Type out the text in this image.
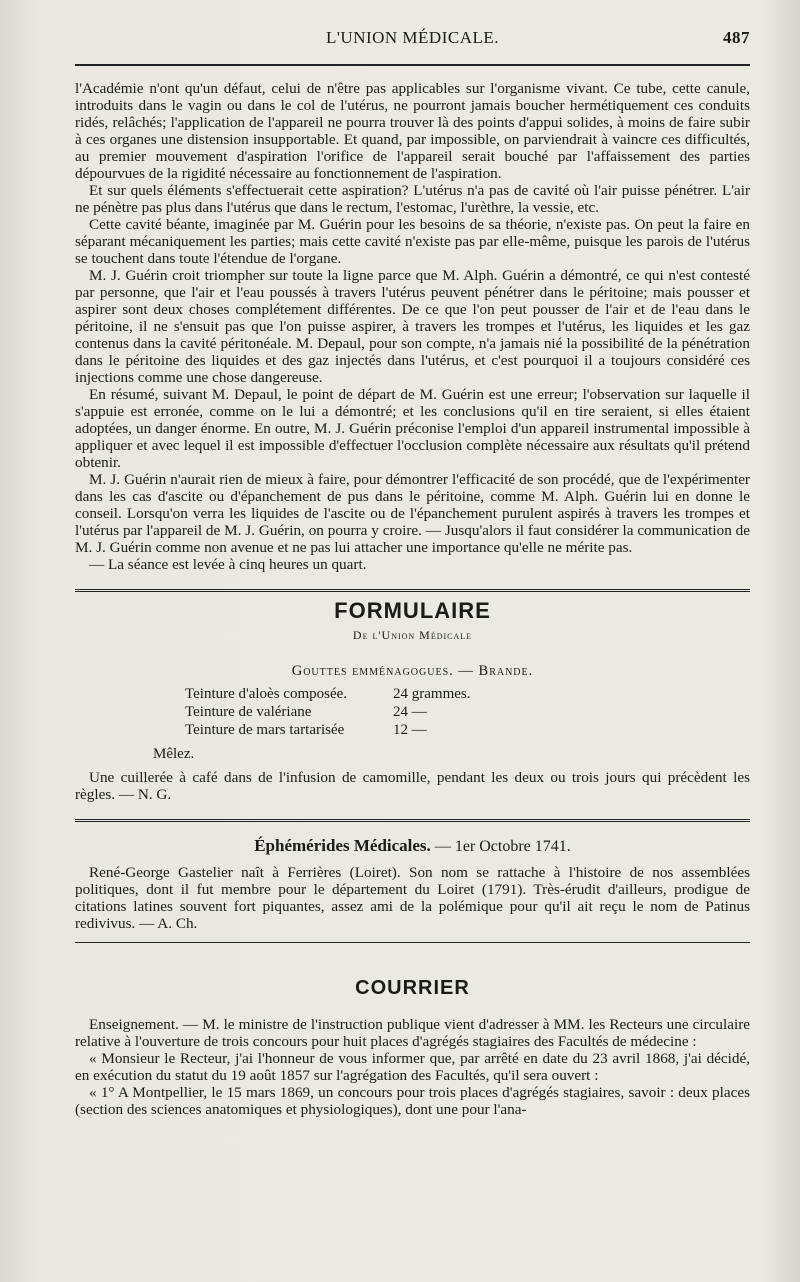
L'UNION MÉDICALE.	487

l'Académie n'ont qu'un défaut, celui de n'être pas applicables sur l'organisme vivant. Ce tube, cette canule, introduits dans le vagin ou dans le col de l'utérus, ne pourront jamais boucher hermétiquement ces conduits ridés, relâchés; l'application de l'appareil ne pourra trouver là des points d'appui solides, à moins de faire subir à ces organes une distension insupportable. Et quand, par impossible, on parviendrait à vaincre ces difficultés, au premier mouvement d'aspiration l'orifice de l'appareil serait bouché par l'affaissement des parties dépourvues de la rigidité nécessaire au fonctionnement de l'aspiration.

Et sur quels éléments s'effectuerait cette aspiration? L'utérus n'a pas de cavité où l'air puisse pénétrer. L'air ne pénètre pas plus dans l'utérus que dans le rectum, l'estomac, l'urèthre, la vessie, etc.

Cette cavité béante, imaginée par M. Guérin pour les besoins de sa théorie, n'existe pas. On peut la faire en séparant mécaniquement les parties; mais cette cavité n'existe pas par elle-même, puisque les parois de l'utérus se touchent dans toute l'étendue de l'organe.

M. J. Guérin croit triompher sur toute la ligne parce que M. Alph. Guérin a démontré, ce qui n'est contesté par personne, que l'air et l'eau poussés à travers l'utérus peuvent pénétrer dans le péritoine; mais pousser et aspirer sont deux choses complétement différentes. De ce que l'on peut pousser de l'air et de l'eau dans le péritoine, il ne s'ensuit pas que l'on puisse aspirer, à travers les trompes et l'utérus, les liquides et les gaz contenus dans la cavité péritonéale. M. Depaul, pour son compte, n'a jamais nié la possibilité de la pénétration dans le péritoine des liquides et des gaz injectés dans l'utérus, et c'est pourquoi il a toujours considéré ces injections comme une chose dangereuse.

En résumé, suivant M. Depaul, le point de départ de M. Guérin est une erreur; l'observation sur laquelle il s'appuie est erronée, comme on le lui a démontré; et les conclusions qu'il en tire seraient, si elles étaient adoptées, un danger énorme. En outre, M. J. Guérin préconise l'emploi d'un appareil instrumental impossible à appliquer et avec lequel il est impossible d'effectuer l'occlusion complète nécessaire aux résultats qu'il prétend obtenir.

M. J. Guérin n'aurait rien de mieux à faire, pour démontrer l'efficacité de son procédé, que de l'expérimenter dans les cas d'ascite ou d'épanchement de pus dans le péritoine, comme M. Alph. Guérin lui en donne le conseil. Lorsqu'on verra les liquides de l'ascite ou de l'épanchement purulent aspirés à travers les trompes et l'utérus par l'appareil de M. J. Guérin, on pourra y croire. — Jusqu'alors il faut considérer la communication de M. J. Guérin comme non avenue et ne pas lui attacher une importance qu'elle ne mérite pas.

— La séance est levée à cinq heures un quart.

FORMULAIRE
De l'Union Médicale
Gouttes emménagogues. — Brande.
Teinture d'aloès composée.	24 grammes.
Teinture de valériane	24 —
Teinture de mars tartarisée	12 —
Mêlez.

Une cuillerée à café dans de l'infusion de camomille, pendant les deux ou trois jours qui précèdent les règles. — N. G.

Éphémérides Médicales. — 1er Octobre 1741.

René-George Gastelier naît à Ferrières (Loiret). Son nom se rattache à l'histoire de nos assemblées politiques, dont il fut membre pour le département du Loiret (1791). Très-érudit d'ailleurs, prodigue de citations latines souvent fort piquantes, assez ami de la polémique pour qu'il ait reçu le nom de Patinus redivivus. — A. Ch.

COURRIER

Enseignement. — M. le ministre de l'instruction publique vient d'adresser à MM. les Recteurs une circulaire relative à l'ouverture de trois concours pour huit places d'agrégés stagiaires des Facultés de médecine :

« Monsieur le Recteur, j'ai l'honneur de vous informer que, par arrêté en date du 23 avril 1868, j'ai décidé, en exécution du statut du 19 août 1857 sur l'agrégation des Facultés, qu'il sera ouvert :

« 1° A Montpellier, le 15 mars 1869, un concours pour trois places d'agrégés stagiaires, savoir : deux places (section des sciences anatomiques et physiologiques), dont une pour l'ana-
